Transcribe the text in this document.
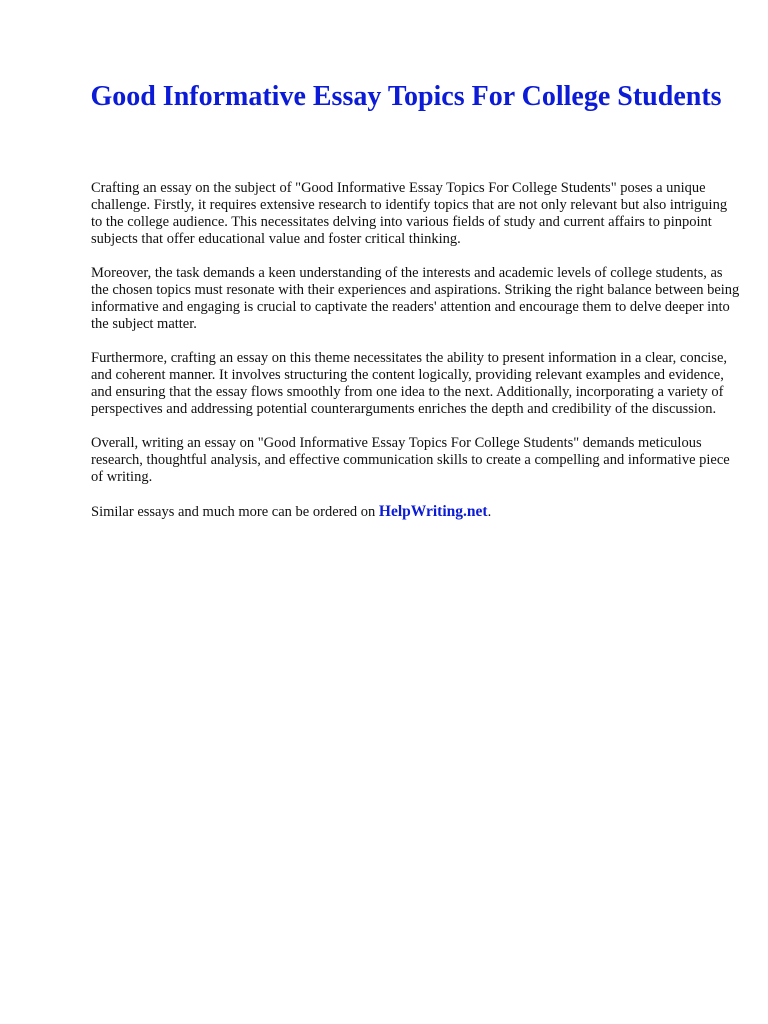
Good Informative Essay Topics For College Students

Crafting an essay on the subject of "Good Informative Essay Topics For College Students" poses a unique challenge. Firstly, it requires extensive research to identify topics that are not only relevant but also intriguing to the college audience. This necessitates delving into various fields of study and current affairs to pinpoint subjects that offer educational value and foster critical thinking.

Moreover, the task demands a keen understanding of the interests and academic levels of college students, as the chosen topics must resonate with their experiences and aspirations. Striking the right balance between being informative and engaging is crucial to captivate the readers' attention and encourage them to delve deeper into the subject matter.

Furthermore, crafting an essay on this theme necessitates the ability to present information in a clear, concise, and coherent manner. It involves structuring the content logically, providing relevant examples and evidence, and ensuring that the essay flows smoothly from one idea to the next. Additionally, incorporating a variety of perspectives and addressing potential counterarguments enriches the depth and credibility of the discussion.

Overall, writing an essay on "Good Informative Essay Topics For College Students" demands meticulous research, thoughtful analysis, and effective communication skills to create a compelling and informative piece of writing.

Similar essays and much more can be ordered on HelpWriting.net.
